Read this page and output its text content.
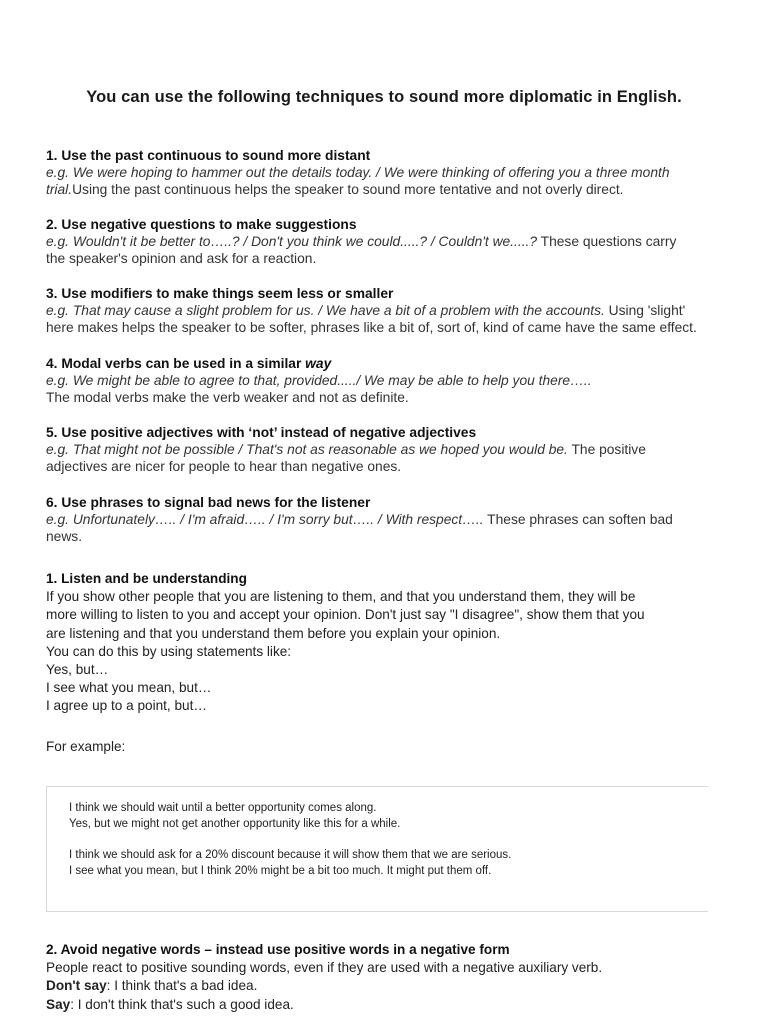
You can use the following techniques to sound more diplomatic in English.
1. Use the past continuous to sound more distant
e.g. We were hoping to hammer out the details today. / We were thinking of offering you a three month
trial.Using the past continuous helps the speaker to sound more tentative and not overly direct.
2. Use negative questions to make suggestions
e.g. Wouldn't it be better to…..? / Don't you think we could.....? / Couldn't we.....? These questions carry
the speaker's opinion and ask for a reaction.
3. Use modifiers to make things seem less or smaller
e.g. That may cause a slight problem for us. / We have a bit of a problem with the accounts. Using 'slight'
here makes helps the speaker to be softer, phrases like a bit of, sort of, kind of came have the same effect.
4. Modal verbs can be used in a similar way
e.g. We might be able to agree to that, provided...../ We may be able to help you there…..
The modal verbs make the verb weaker and not as definite.
5. Use positive adjectives with ‘not’ instead of negative adjectives
e.g. That might not be possible / That's not as reasonable as we hoped you would be. The positive
adjectives are nicer for people to hear than negative ones.
6. Use phrases to signal bad news for the listener
e.g. Unfortunately….. / I'm afraid….. / I'm sorry but….. / With respect….. These phrases can soften bad
news.
1. Listen and be understanding
If you show other people that you are listening to them, and that you understand them, they will be
more willing to listen to you and accept your opinion. Don't just say "I disagree", show them that you
are listening and that you understand them before you explain your opinion.
You can do this by using statements like:
Yes, but…
I see what you mean, but…
I agree up to a point, but…
For example:
I think we should wait until a better opportunity comes along.
Yes, but we might not get another opportunity like this for a while.
I think we should ask for a 20% discount because it will show them that we are serious.
I see what you mean, but I think 20% might be a bit too much. It might put them off.
2. Avoid negative words – instead use positive words in a negative form
People react to positive sounding words, even if they are used with a negative auxiliary verb.
Don't say: I think that's a bad idea.
Say: I don't think that's such a good idea.
